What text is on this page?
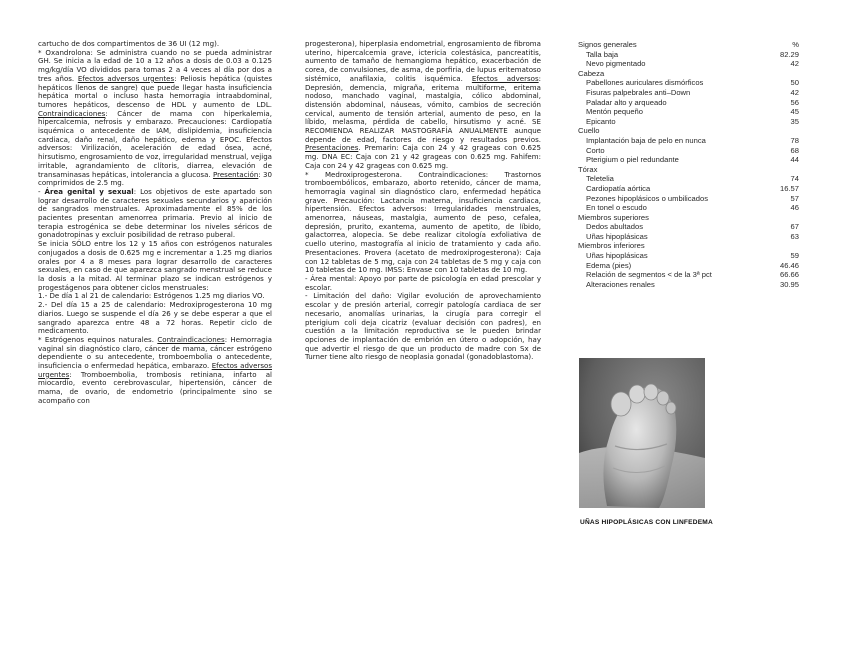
cartucho de dos compartimentos de 36 UI (12 mg).

* Oxandrolona: Se administra cuando no se pueda administrar GH. Se inicia a la edad de 10 a 12 años a dosis de 0.03 a 0.125 mg/kg/día VO divididos para tomas 2 a 4 veces al día por dos a tres años. Efectos adversos urgentes: Peliosis hepática (quistes hepáticos llenos de sangre) que puede llegar hasta insuficiencia hepática mortal o incluso hasta hemorragia intraabdominal, tumores hepáticos, descenso de HDL y aumento de LDL. Contraindicaciones: Cáncer de mama con hiperkalemia, hipercalcemia, nefrosis y embarazo. Precauciones: Cardiopatía isquémica o antecedente de IAM, dislipidemia, insuficiencia cardiaca, daño renal, daño hepático, edema y EPOC. Efectos adversos: Virilización, aceleración de edad ósea, acné, hirsutismo, engrosamiento de voz, irregularidad menstrual, vejiga irritable, agrandamiento de clítoris, diarrea, elevación de transaminasas hepáticas, intolerancia a glucosa. Presentación: 30 comprimidos de 2.5 mg.

- Área genital y sexual: Los objetivos de este apartado son lograr desarrollo de caracteres sexuales secundarios y aparición de sangrados menstruales. Aproximadamente el 85% de los pacientes presentan amenorrea primaria. Previo al inicio de terapia estrogénica se debe determinar los niveles séricos de gonadotropinas y excluir posibilidad de retraso puberal.

Se inicia SÓLO entre los 12 y 15 años con estrógenos naturales conjugados a dosis de 0.625 mg e incrementar a 1.25 mg diarios orales por 4 a 8 meses para lograr desarrollo de caracteres sexuales, en caso de que aparezca sangrado menstrual se reduce la dosis a la mitad. Al terminar plazo se indican estrógenos y progestágenos para obtener ciclos menstruales:

1.- De día 1 al 21 de calendario: Estrógenos 1.25 mg diarios VO.

2.- Del día 15 a 25 de calendario: Medroxiprogesterona 10 mg diarios. Luego se suspende el día 26 y se debe esperar a que el sangrado aparezca entre 48 a 72 horas. Repetir ciclo de medicamento.

* Estrógenos equinos naturales. Contraindicaciones: Hemorragia vaginal sin diagnóstico claro, cáncer de mama, cáncer estrógeno dependiente o su antecedente, tromboembolia o antecedente, insuficiencia o enfermedad hepática, embarazo. Efectos adversos urgentes: Tromboembolia, trombosis retiniana, infarto al miocardio, evento cerebrovascular, hipertensión, cáncer de mama, de ovario, de endometrio (principalmente sino se acompaño con

progesterona), hiperplasia endometrial, engrosamiento de fibroma uterino, hipercalcemia grave, ictericia colestásica, pancreatitis, aumento de tamaño de hemangioma hepático, exacerbación de corea, de convulsiones, de asma, de porfiria, de lupus eritematoso sistémico, anafilaxia, colitis isquémica. Efectos adversos: Depresión, demencia, migraña, eritema multiforme, eritema nodoso, manchado vaginal, mastalgia, cólico abdominal, distensión abdominal, náuseas, vómito, cambios de secreción cervical, aumento de tensión arterial, aumento de peso, en la líbido, melasma, pérdida de cabello, hirsutismo y acné. SE RECOMIENDA REALIZAR MASTOGRAFÍA ANUALMENTE aunque depende de edad, factores de riesgo y resultados previos. Presentaciones. Premarin: Caja con 24 y 42 grageas con 0.625 mg. DNA EC: Caja con 21 y 42 grageas con 0.625 mg. Fahifem: Caja con 24 y 42 grageas con 0.625 mg.

* Medroxiprogesterona. Contraindicaciones: Trastornos tromboembólicos, embarazo, aborto retenido, cáncer de mama, hemorragia vaginal sin diagnóstico claro, enfermedad hepática grave. Precaución: Lactancia materna, insuficiencia cardiaca, hipertensión. Efectos adversos: Irregularidades menstruales, amenorrea, náuseas, mastalgia, aumento de peso, cefalea, depresión, prurito, exantema, aumento de apetito, de líbido, galactorrea, alopecia. Se debe realizar citología exfoliativa de cuello uterino, mastografía al inicio de tratamiento y cada año. Presentaciones. Provera (acetato de medroxiprogesterona): Caja con 12 tabletas de 5 mg, caja con 24 tabletas de 5 mg y caja con 10 tabletas de 10 mg. IMSS: Envase con 10 tabletas de 10 mg.

- Área mental: Apoyo por parte de psicología en edad prescolar y escolar.

- Limitación del daño: Vigilar evolución de aprovechamiento escolar y de presión arterial, corregir patología cardiaca de ser necesario, anomalías urinarias, la cirugía para corregir el pterigium coli deja cicatriz (evaluar decisión con padres), en cuestión a la limitación reproductiva se le pueden brindar opciones de implantación de embrión en útero o adopción, hay que advertir el riesgo de que un producto de madre con Sx de Turner tiene alto riesgo de neoplasia gonadal (gonadoblastoma).

Signos generales	%
Talla baja	82.29
Nevo pigmentado	42
Cabeza
Pabellones auriculares dismórficos	50
Fisuras palpebrales anti–Down	42
Paladar alto y arqueado	56
Mentón pequeño	45
Epicanto	35
Cuello
Implantación baja de pelo en nunca	78
Corto	68
Pterigium o piel redundante	44
Tórax
Teletelia	74
Cardiopatía aórtica	16.57
Pezones hipoplásicos o umbilicados	57
En tonel o escudo	46
Miembros superiores
Dedos abultados	67
Uñas hipoplásicas	63
Miembros inferiores
Uñas hipoplásicas	59
Edema (pies)	46.46
Relación de segmentos < de la 3ª pct	66.66
Alteraciones renales	30.95
UÑAS HIPOPLÁSICAS CON LINFEDEMA
